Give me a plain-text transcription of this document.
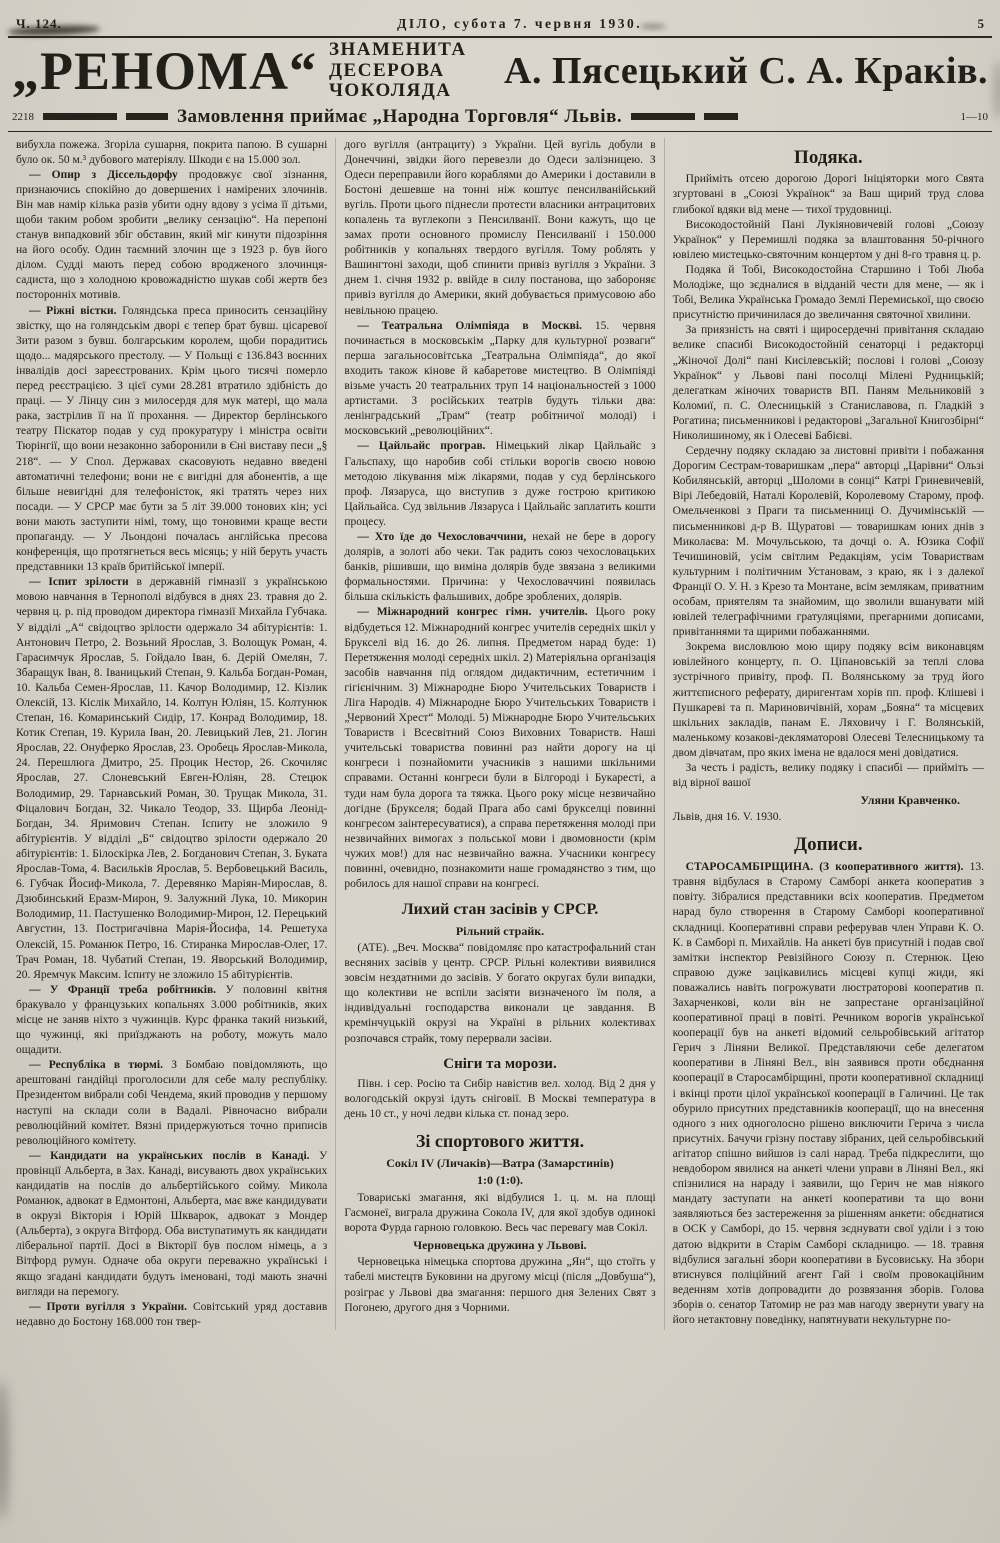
Ч. 124.	ДІЛО, субота 7. червня 1930.	5
„РЕНОМА“ ЗНАМЕНИТА
ДЕСЕРОВА
ЧОКОЛЯДА	А. Пясецький С. А. Краків.
2218	Замовлення приймає „Народна Торговля“ Львів.	1—10

вибухла пожежа. Згоріла сушарня, покрита папою. В сушарні було ок. 50 м.³ дубового матеріялу. Шкоди є на 15.000 зол.

— Опир з Діссельдорфу продовжує свої зізнання, признаючись спокійно до довершених і намірених злочинів. Він мав намір кілька разів убити одну вдову з усіма її дітьми, щоби таким робом зробити „велику сензацію“. На перепоні станув випадковий збіг обставин, який міг кинути підозріння на його особу. Один таємний злочин ще з 1923 р. був його ділом. Судді мають перед собою вродженого злочинця-садиста, що з холодною кровожадністю шукав собі жертв без посторонніх мотивів.

— Ріжні вістки. Голяндська преса приносить сензаційну звістку, що на голяндськім дворі є тепер брат бувш. цісаревої Зити разом з бувш. болгарським королем, щоби порадитись щодо... мадярського престолу. — У Польщі є 136.843 воєнних інвалідів досі зареєстрованих. Крім цього тисячі померло перед реєстрацією. З цієї суми 28.281 втратило здібність до праці. — У Лінцу син з милосердя для мук матері, що мала рака, застрілив її на її прохання. — Директор берлінського театру Піскатор подав у суд прокуратуру і міністра освіти Тюрінгії, що вони незаконно заборонили в Єні виставу песи „§ 218“. — У Спол. Державах скасовують недавно введені автоматичні телефони; вони не є вигідні для абонентів, а ще більше невигідні для телефоністок, які тратять через них посади. — У СРСР має бути за 5 літ 39.000 тонових кін; усі вони мають заступити німі, тому, що тоновими краще вести пропаганду. — У Льондоні почалась англійська пресова конференція, що протягнеться весь місяць; у ній беруть участь представники 13 країв бритійської імперії.

— Іспит зрілости в державній гімназії з українською мовою навчання в Тернополі відбувся в днях 23. травня до 2. червня ц. р. під проводом директора гімназії Михайла Губчака. У відділі „А“ свідоцтво зрілости одержало 34 абітурієнтів: 1. Антонович Петро, 2. Возьний Ярослав, 3. Волощук Роман, 4. Гарасимчук Ярослав, 5. Гойдало Іван, 6. Дерій Омелян, 7. Збаращук Іван, 8. Іваницький Степан, 9. Кальба Богдан-Роман, 10. Кальба Семен-Ярослав, 11. Качор Володимир, 12. Кізлик Олексій, 13. Кіслік Михайло, 14. Колтун Юліян, 15. Колтунюк Степан, 16. Комаринський Сидір, 17. Конрад Володимир, 18. Котик Степан, 19. Курила Іван, 20. Левицький Лев, 21. Логин Ярослав, 22. Онуферко Ярослав, 23. Оробець Ярослав-Микола, 24. Перешлюга Дмитро, 25. Процик Нестор, 26. Скочиляс Ярослав, 27. Слоневський Евген-Юліян, 28. Стецюк Володимир, 29. Тарнавський Роман, 30. Трущак Микола, 31. Фіцалович Богдан, 32. Чикало Теодор, 33. Щирба Леонід-Богдан, 34. Яримович Степан. Іспиту не зложило 9 абітурієнтів. У відділі „Б“ свідоцтво зрілости одержало 20 абітурієнтів: 1. Білоскірка Лев, 2. Богданович Степан, 3. Буката Ярослав-Тома, 4. Васильків Ярослав, 5. Вербовецький Василь, 6. Губчак Йосиф-Микола, 7. Деревянко Маріян-Мирослав, 8. Дзюбинський Еразм-Мирон, 9. Залужний Лука, 10. Микорин Володимир, 11. Пастушенко Володимир-Мирон, 12. Перецький Августин, 13. Постригачівна Марія-Йосифа, 14. Решетуха Олексій, 15. Романюк Петро, 16. Стиранка Мирослав-Олег, 17. Трач Роман, 18. Чубатий Степан, 19. Яворський Володимир, 20. Яремчук Максим. Іспиту не зложило 15 абітурієнтів.

— У Франції треба робітників. У половині квітня бракувало у французьких копальнях 3.000 робітників, яких місце не заняв ніхто з чужинців. Курс франка такий низький, що чужинці, які приїзджають на роботу, можуть мало ощадити.

— Республіка в тюрмі. З Бомбаю повідомляють, що арештовані гандійці проголосили для себе малу республіку. Президентом вибрали собі Чендема, який проводив у першому наступі на склади соли в Вадалі. Рівночасно вибрали революційний комітет. Вязні придержуються точно приписів революційного комітету.

— Кандидати на українських послів в Канаді. У провінції Альберта, в Зах. Канаді, висувають двох українських кандидатів на послів до альбертійського сойму. Микола Романюк, адвокат в Едмонтоні, Альберта, має вже кандидувати в окрузі Вікторія і Юрій Шкварок, адвокат з Мондер (Альберта), з округа Вітфорд. Оба виступатимуть як кандидати ліберальної партії. Досі в Вікторії був послом німець, а з Вітфорд румун. Одначе оба округи переважно українські і якщо згадані кандидати будуть іменовані, тоді мають значні вигляди на перемогу.

— Проти вугілля з України. Совітський уряд доставив недавно до Бостону 168.000 тон твер-

дого вугілля (антрациту) з України. Цей вугіль добули в Донеччині, звідки його перевезли до Одеси залізницею. З Одеси переправили його кораблями до Америки і доставили в Бостоні дешевше на тонні ніж коштує пенсилванійський вугіль. Проти цього піднесли протести власники антрацитових копалень та вуглекопи з Пенсилванії. Вони кажуть, що це замах проти основного промислу Пенсилванії і 150.000 робітників у копальнях твердого вугілля. Тому роблять у Вашингтоні заходи, щоб спинити привіз вугілля з України. З днем 1. січня 1932 р. ввійде в силу постанова, що забороняє привіз вугілля до Америки, який добувається примусовою або невільною працею.

— Театральна Олімпіяда в Москві. 15. червня починається в московськім „Парку для культурної розваги“ перша загальносовітська „Театральна Олімпіяда“, до якої входить також кінове й кабаретове мистецтво. В Олімпіяді візьме участь 20 театральних труп 14 національностей з 1000 артистами. З російських театрів будуть тільки два: ленінградський „Трам“ (театр робітничої молоді) і московський „революційних“.

— Цайльайс програв. Німецький лікар Цайльайс з Гальспаху, що наробив собі стільки ворогів своєю новою методою лікування між лікарями, подав у суд берлінського проф. Лязаруса, що виступив з дуже гострою критикою Цайльайса. Суд звільнив Лязаруса і Цайльайс заплатить кошти процесу.

— Хто їде до Чехословаччини, нехай не бере в дорогу долярів, а золоті або чеки. Так радить союз чехословацьких банків, рішивши, що виміна долярів буде звязана з великими формальностями. Причина: у Чехословаччині появилась більша скількість фальшивих, добре зроблених, долярів.

— Міжнародний конгрес гімн. учителів. Цього року відбудеться 12. Міжнародний конгрес учителів середніх шкіл у Брукселі від 16. до 26. липня. Предметом нарад буде: 1) Перетяження молоді середніх шкіл. 2) Матеріяльна організація засобів навчання під оглядом дидактичним, естетичним і гігієнічним. 3) Міжнародне Бюро Учительських Товариств і Ліга Народів. 4) Міжнародне Бюро Учительських Товариств і „Червоний Хрест“ Молоді. 5) Міжнародне Бюро Учительських Товариств і Всесвітний Союз Виховних Товариств. Наші учительські товариства повинні раз найти дорогу на ці конгреси і познайомити учасників з нашими шкільними справами. Останні конгреси були в Білгороді і Букаресті, а туди нам була дорога та тяжка. Цього року місце незвичайно догідне (Брукселя; бодай Прага або самі брукселці повинні конгресом заінтересуватися), а справа перетяження молоді при незвичайних вимогах з польської мови і двомовности (крім чужих мов!) для нас незвичайно важна. Учасники конгресу повинні, очевидно, познакомити наше громадянство з тим, що робилось для нашої справи на конгресі.

Лихий стан засівів у СРСР.
Рільний страйк.

(АТЕ). „Веч. Москва“ повідомляє про катастрофальний стан весняних засівів у центр. СРСР. Рільні колективи виявилися зовсім нездатними до засівів. У богато округах були випадки, що колективи не вспіли засіяти визначеного їм поля, а індивідуальні господарства виконали це завдання. В кремінчуцькій окрузі на Україні в рільних колективах розпочався страйк, тому перервали засіви.

Сніги та морози.

Півн. і сер. Росію та Сибір навістив вел. холод. Від 2 дня у вологодській окрузі ідуть сніговії. В Москві температура в день 10 ст., у ночі ледви кілька ст. понад зеро.

Зі спортового життя.
Сокіл IV (Личаків)—Ватра (Замарстинів)
1:0 (1:0).

Товариські змагання, які відбулися 1. ц. м. на площі Гасмонеї, виграла дружина Сокола IV, для якої здобув одинокі ворота Фурда гарною головкою. Весь час перевагу мав Сокіл.

Черновецька дружина у Львові.

Черновецька німецька спортова дружина „Ян“, що стоїть у табелі мистецтв Буковини на другому місці (після „Довбуша“), розіграє у Львові два змагання: першого дня Зелених Свят з Погонею, другого дня з Чорними.

Подяка.

Прийміть отсею дорогою Дорогі Ініціяторки мого Свята згуртовані в „Союзі Українок“ за Ваш щирий труд слова глибокої вдяки від мене — тихої трудовниці.

Високодостойній Пані Лукіяновичевій голові „Союзу Українок“ у Перемишлі подяка за влаштовання 50-річного ювілею мистецько-святочним концертом у дні 8-го травня ц. р.

Подяка й Тобі, Високодостойна Старшино і Тобі Люба Молодіже, що зєдналися в відданій чести для мене, — як і Тобі, Велика Українська Громадо Землі Перемиської, що своєю присутністю причинилася до звеличання святочної хвилини.

За приязність на святі і щиросердечні привітання складаю велике спасибі Високодостойній сенаторці і редакторці „Жіночої Долі“ пані Кисілевській; послові і голові „Союзу Українок“ у Львові пані посолці Мілені Рудницькій; делегаткам жіночих товариств ВП. Паням Мельниковій з Коломиї, п. С. Олесницькій з Станиславова, п. Гладкій з Рогатина; письменникові і редакторові „Загальної Книгозбірні“ Николишиному, як і Олесеві Бабієві.

Сердечну подяку складаю за листовні привіти і побажання Дорогим Сестрам-товаришкам „пера“ авторці „Царівни“ Ользі Кобилянській, авторці „Шоломи в сонці“ Катрі Гриневичевій, Вірі Лебедовій, Наталі Королевій, Королевому Старому, проф. Омельченкові з Праги та письменниці О. Дучимінській — письменникові д-р В. Щуратові — товаришкам юних днів з Миколаєва: М. Мочульською, та дочці о. А. Юзика Софії Течишиновій, усім світлим Редакціям, усім Товариствам культурним і політичним Установам, з краю, як і з далекої Франції О. У. Н. з Крезо та Монтане, всім землякам, приватним особам, приятелям та знайомим, що зволили вшанувати мій ювілей телеграфічними гратуляціями, прегарними дописами, привітаннями та щирими побажаннями.

Зокрема висловлюю мою щиру подяку всім виконавцям ювілейного концерту, п. О. Ціпановській за теплі слова зустрічного привіту, проф. П. Волянському за труд його життєписного реферату, диригентам хорів пп. проф. Клішеві і Пушкареві та п. Мариновичівній, хорам „Бояна“ та місцевих шкільних закладів, панам Е. Ляховичу і Г. Волянській, маленькому козакові-декляматорові Олесеві Телесницькому та двом дівчатам, про яких імена не вдалося мені довідатися.

За честь і радість, велику подяку і спасибі — прийміть — від вірної вашої

Уляни Кравченко.

Львів, дня 16. V. 1930.

Дописи.

СТАРОСАМБІРЩИНА. (З кооперативного життя). 13. травня відбулася в Старому Самборі анкета кооператив з повіту. Зібралися представники всіх кооператив. Предметом нарад було створення в Старому Самборі кооперативної складниці. Кооперативні справи реферував член Управи К. О. К. в Самборі п. Михайлів. На анкеті був присутній і подав свої замітки інспектор Ревізійного Союзу п. Стернюк. Цею справою дуже зацікавились місцеві купці жиди, які поважались навіть погрожувати люстраторові кооператив п. Захарченкові, коли він не запрестане організаційної кооперативної праці в повіті. Речником ворогів української кооперації був на анкеті відомий сельробівський агітатор Герич з Ліняни Великої. Представляючи себе делегатом кооперативи в Ліняні Вел., він заявився проти обєднання кооперації в Старосамбірщині, проти кооперативної складниці і вкінці проти цілої української кооперації в Галичині. Це так обурило присутних представників кооперації, що на внесення одного з них одноголосно рішено виключити Герича з числа присутніх. Бачучи грізну поставу зібраних, цей сельробівський агітатор спішно вийшов із салі нарад. Треба підкреслити, що невдобором явилися на анкеті члени управи в Ліняні Вел., які спізнилися на нараду і заявили, що Герич не мав ніякого мандату заступати на анкеті кооперативи та що вони заявляються без застереження за рішенням анкети: обєднатися в ОСК у Самборі, до 15. червня зєднувати свої уділи і з тою датою відкрити в Старім Самборі складницю. — 18. травня відбулися загальні збори кооперативи в Бусовиську. На збори втиснувся поліційний агент Гай і своїм провокаційним веденням хотів допровадити до розвязання зборів. Голова зборів о. сенатор Татомир не раз мав нагоду звернути увагу на його нетактовну поведінку, напятнувати некультурне по-
